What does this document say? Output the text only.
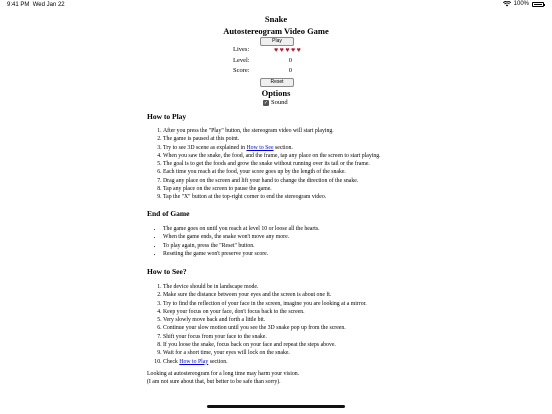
9:41 PM Wed Jan 22	100%
Snake
Autostereogram Video Game
Play
Lives:	♥ ♥ ♥ ♥ ♥
Level:	0
Score:	0
Reset
Options
✓ Sound
How to Play
1. After you press the "Play" button, the stereogram video will start playing.
2. The game is paused at this point.
3. Try to see 3D scene as explained in How to See section.
4. When you saw the snake, the food, and the frame, tap any place on the screen to start playing.
5. The goal is to get the foods and grow the snake without running over its tail or the frame.
6. Each time you reach at the food, your score goes up by the length of the snake.
7. Drag any place on the screen and lift your hand to change the direction of the snake.
8. Tap any place on the screen to pause the game.
9. Tap the "X" button at the top-right corner to end the stereogram video.
End of Game
• The game goes on until you reach at level 10 or loose all the hearts.
• When the game ends, the snake won't move any more.
• To play again, press the "Reset" button.
• Reseting the game won't preserve your score.
How to See?
1. The device should be in landscape mode.
2. Make sure the distance between your eyes and the screen is about one ft.
3. Try to find the reflection of your face in the screen, imagine you are looking at a mirror.
4. Keep your focus on your face, don't focus back to the screen.
5. Very slowly move back and forth a little bit.
6. Continue your slow motion until you see the 3D snake pop up from the screen.
7. Shift your focus from your face to the snake.
8. If you loose the snake, focus back on your face and repeat the steps above.
9. Wait for a short time, your eyes will lock on the snake.
10. Check How to Play section.
Looking at autostereogram for a long time may harm your vision.
(I am not sure about that, but better to be safe than sorry).
